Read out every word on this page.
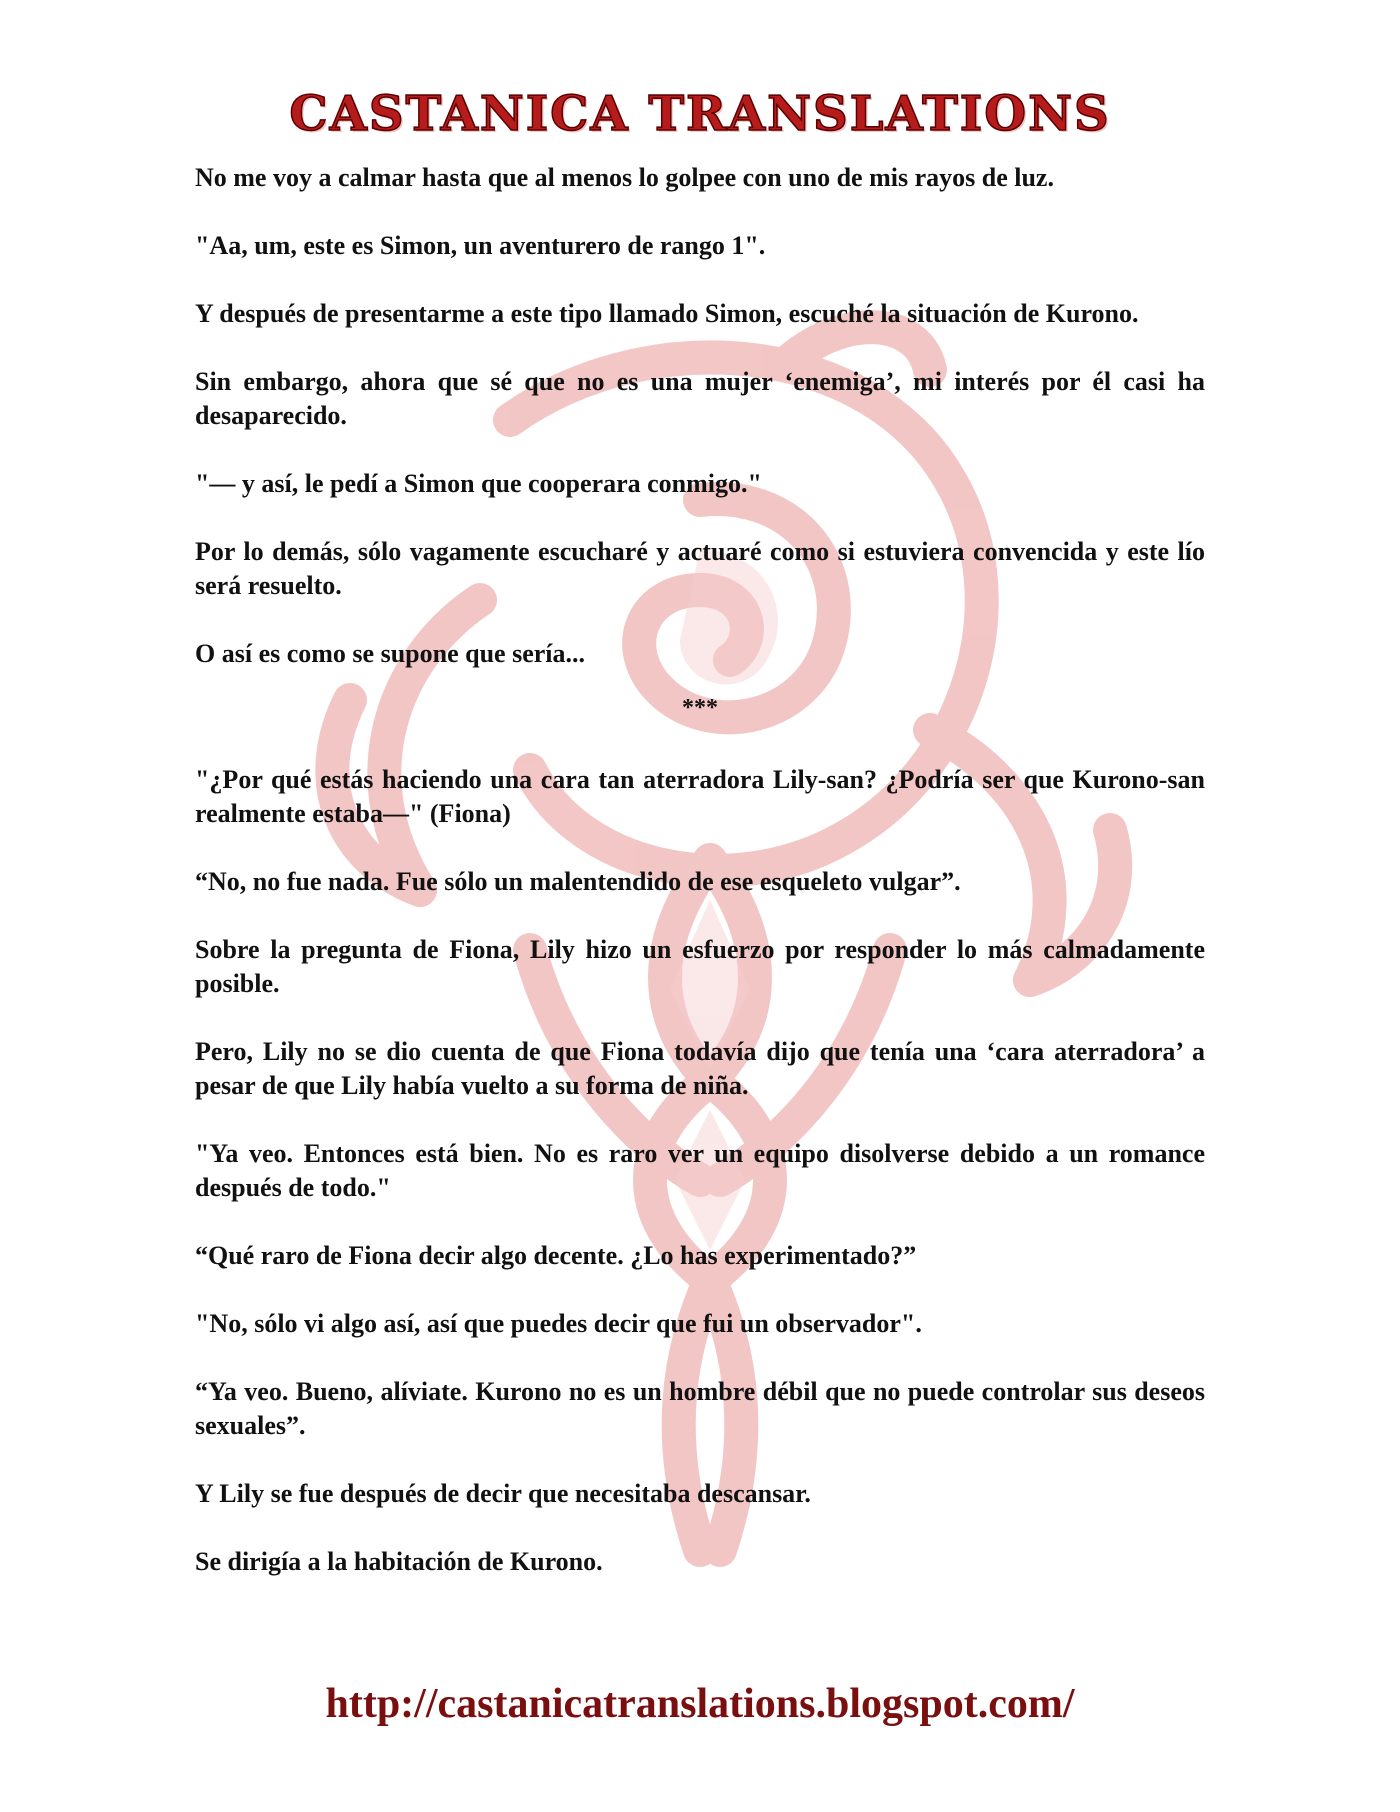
CASTANICA TRANSLATIONS

No me voy a calmar hasta que al menos lo golpee con uno de mis rayos de luz.

"Aa, um, este es Simon, un aventurero de rango 1".

Y después de presentarme a este tipo llamado Simon, escuché la situación de Kurono.

Sin embargo, ahora que sé que no es una mujer ‘enemiga’, mi interés por él casi ha desaparecido.

"— y así, le pedí a Simon que cooperara conmigo."

Por lo demás, sólo vagamente escucharé y actuaré como si estuviera convencida y este lío será resuelto.

O así es como se supone que sería...

***

"¿Por qué estás haciendo una cara tan aterradora Lily-san? ¿Podría ser que Kurono-san realmente estaba—" (Fiona)

“No, no fue nada. Fue sólo un malentendido de ese esqueleto vulgar”.

Sobre la pregunta de Fiona, Lily hizo un esfuerzo por responder lo más calmadamente posible.

Pero, Lily no se dio cuenta de que Fiona todavía dijo que tenía una ‘cara aterradora’ a pesar de que Lily había vuelto a su forma de niña.

"Ya veo. Entonces está bien. No es raro ver un equipo disolverse debido a un romance después de todo."

“Qué raro de Fiona decir algo decente. ¿Lo has experimentado?”

"No, sólo vi algo así, así que puedes decir que fui un observador".

“Ya veo. Bueno, alíviate. Kurono no es un hombre débil que no puede controlar sus deseos sexuales”.

Y Lily se fue después de decir que necesitaba descansar.

Se dirigía a la habitación de Kurono.

http://castanicatranslations.blogspot.com/
